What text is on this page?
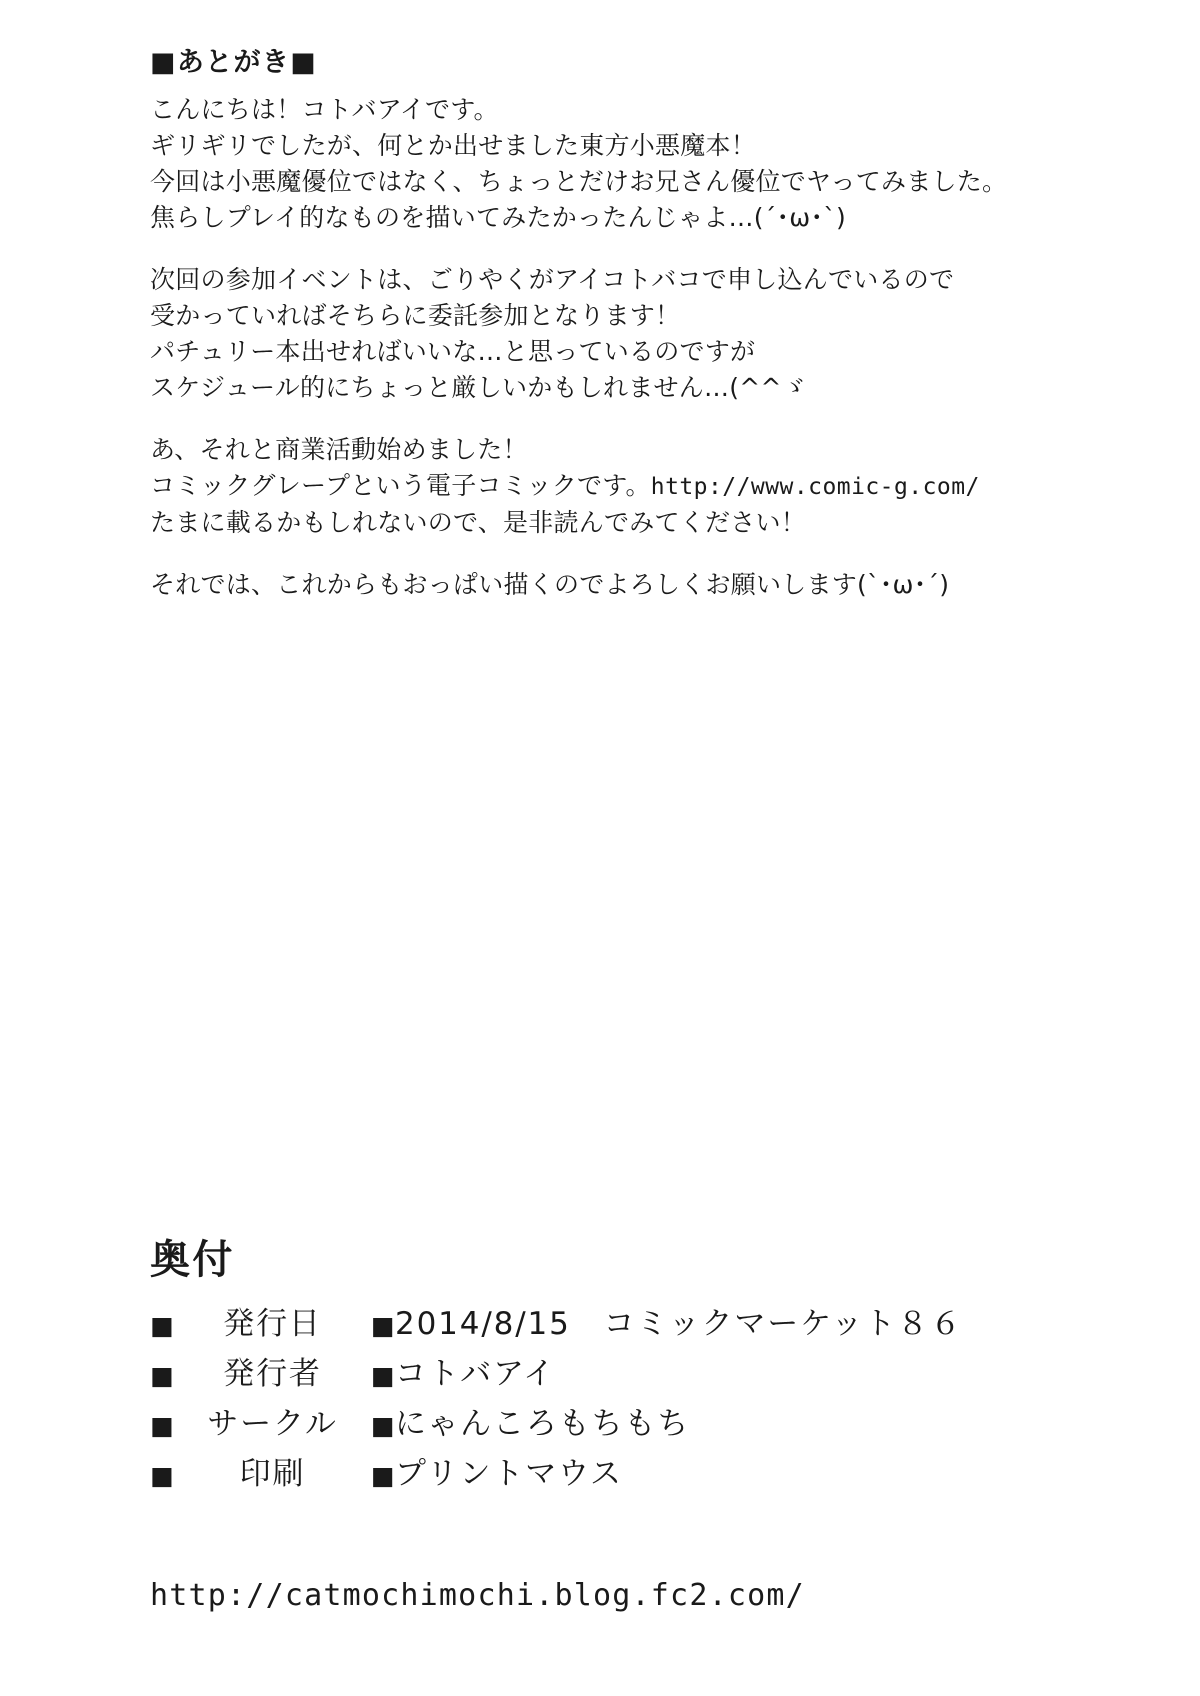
■あとがき■

こんにちは！コトバアイです。
ギリギリでしたが、何とか出せました東方小悪魔本！
今回は小悪魔優位ではなく、ちょっとだけお兄さん優位でヤってみました。
焦らしプレイ的なものを描いてみたかったんじゃよ…(´･ω･`)

次回の参加イベントは、ごりやくがアイコトバコで申し込んでいるので
受かっていればそちらに委託参加となります！
パチュリー本出せればいいな…と思っているのですが
スケジュール的にちょっと厳しいかもしれません…(^^ゞ

あ、それと商業活動始めました！
コミックグレープという電子コミックです。http://www.comic-g.com/
たまに載るかもしれないので、是非読んでみてください！

それでは、これからもおっぱい描くのでよろしくお願いします(`･ω･´)

奥付
■ 発行日 ■ 2014/8/15　コミックマーケット８６
■ 発行者 ■ コトバアイ
■ サークル ■ にゃんころもちもち
■ 印刷	■ プリントマウス
http://catmochimochi.blog.fc2.com/
